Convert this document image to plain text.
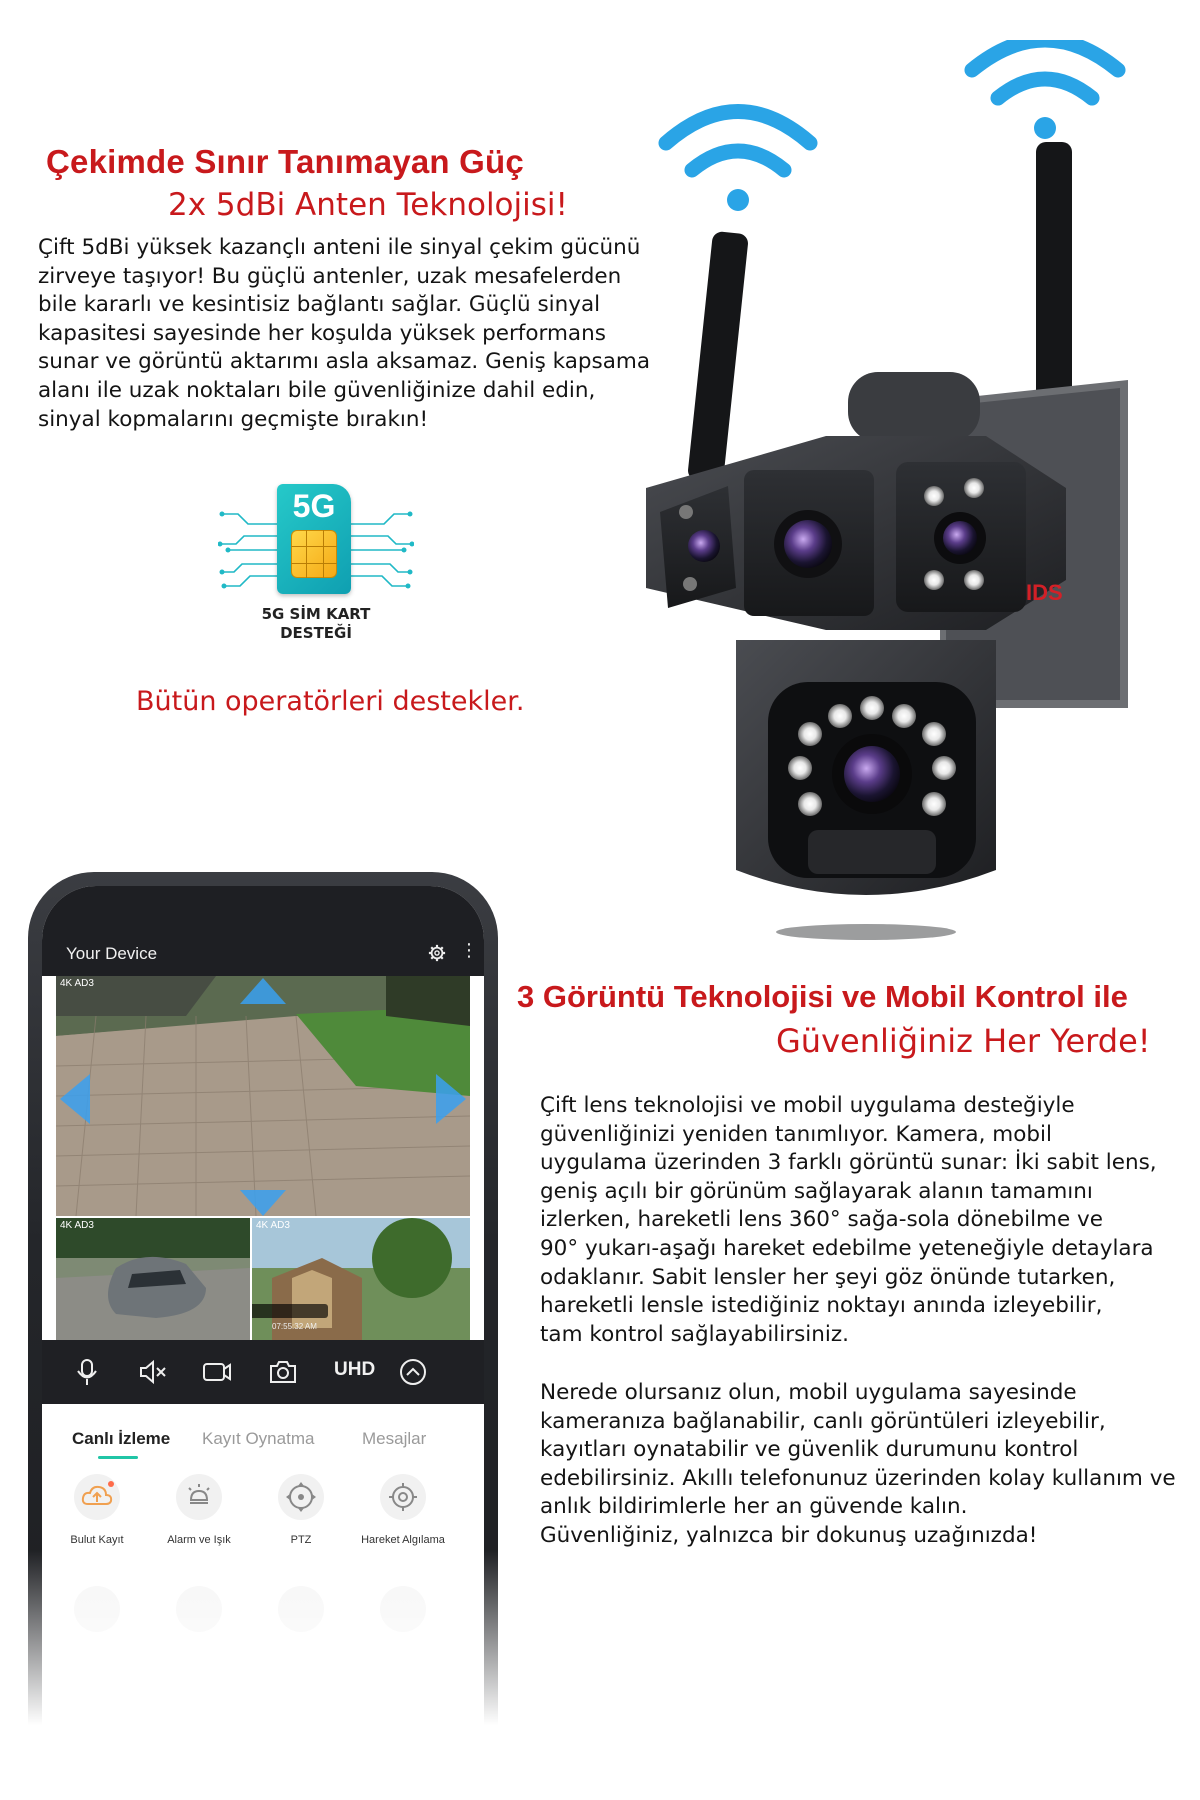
Çekimde Sınır Tanımayan Güç
2x 5dBi Anten Teknolojisi!
Çift 5dBi yüksek kazançlı anteni ile sinyal çekim gücünü
zirveye taşıyor! Bu güçlü antenler, uzak mesafelerden
bile kararlı ve kesintisiz bağlantı sağlar. Güçlü sinyal
kapasitesi sayesinde her koşulda yüksek performans
sunar ve görüntü aktarımı asla aksamaz. Geniş kapsama
alanı ile uzak noktaları bile güvenliğinize dahil edin,
sinyal kopmalarını geçmişte bırakın!
5G
5G SİM KART
DESTEĞİ
Bütün operatörleri destekler.
IDS
3 Görüntü Teknolojisi ve Mobil Kontrol ile
Güvenliğiniz Her Yerde!
Çift lens teknolojisi ve mobil uygulama desteğiyle
güvenliğinizi yeniden tanımlıyor. Kamera, mobil
uygulama üzerinden 3 farklı görüntü sunar: İki sabit lens,
geniş açılı bir görünüm sağlayarak alanın tamamını
izlerken, hareketli lens 360° sağa-sola dönebilme ve
90° yukarı-aşağı hareket edebilme yeteneğiyle detaylara
odaklanır. Sabit lensler her şeyi göz önünde tutarken,
hareketli lensle istediğiniz noktayı anında izleyebilir,
tam kontrol sağlayabilirsiniz.
Nerede olursanız olun, mobil uygulama sayesinde
kameranıza bağlanabilir, canlı görüntüleri izleyebilir,
kayıtları oynatabilir ve güvenlik durumunu kontrol
edebilirsiniz. Akıllı telefonunuz üzerinden kolay kullanım ve
anlık bildirimlerle her an güvende kalın.
Güvenliğiniz, yalnızca bir dokunuş uzağınızda!
Your Device	⋮
4K AD3
4K AD3	4K AD3
07:55:32 AM
UHD
Canlı İzleme Kayıt Oynatma	Mesajlar
Bulut Kayıt	Alarm ve Işık	PTZ	Hareket Algılama
